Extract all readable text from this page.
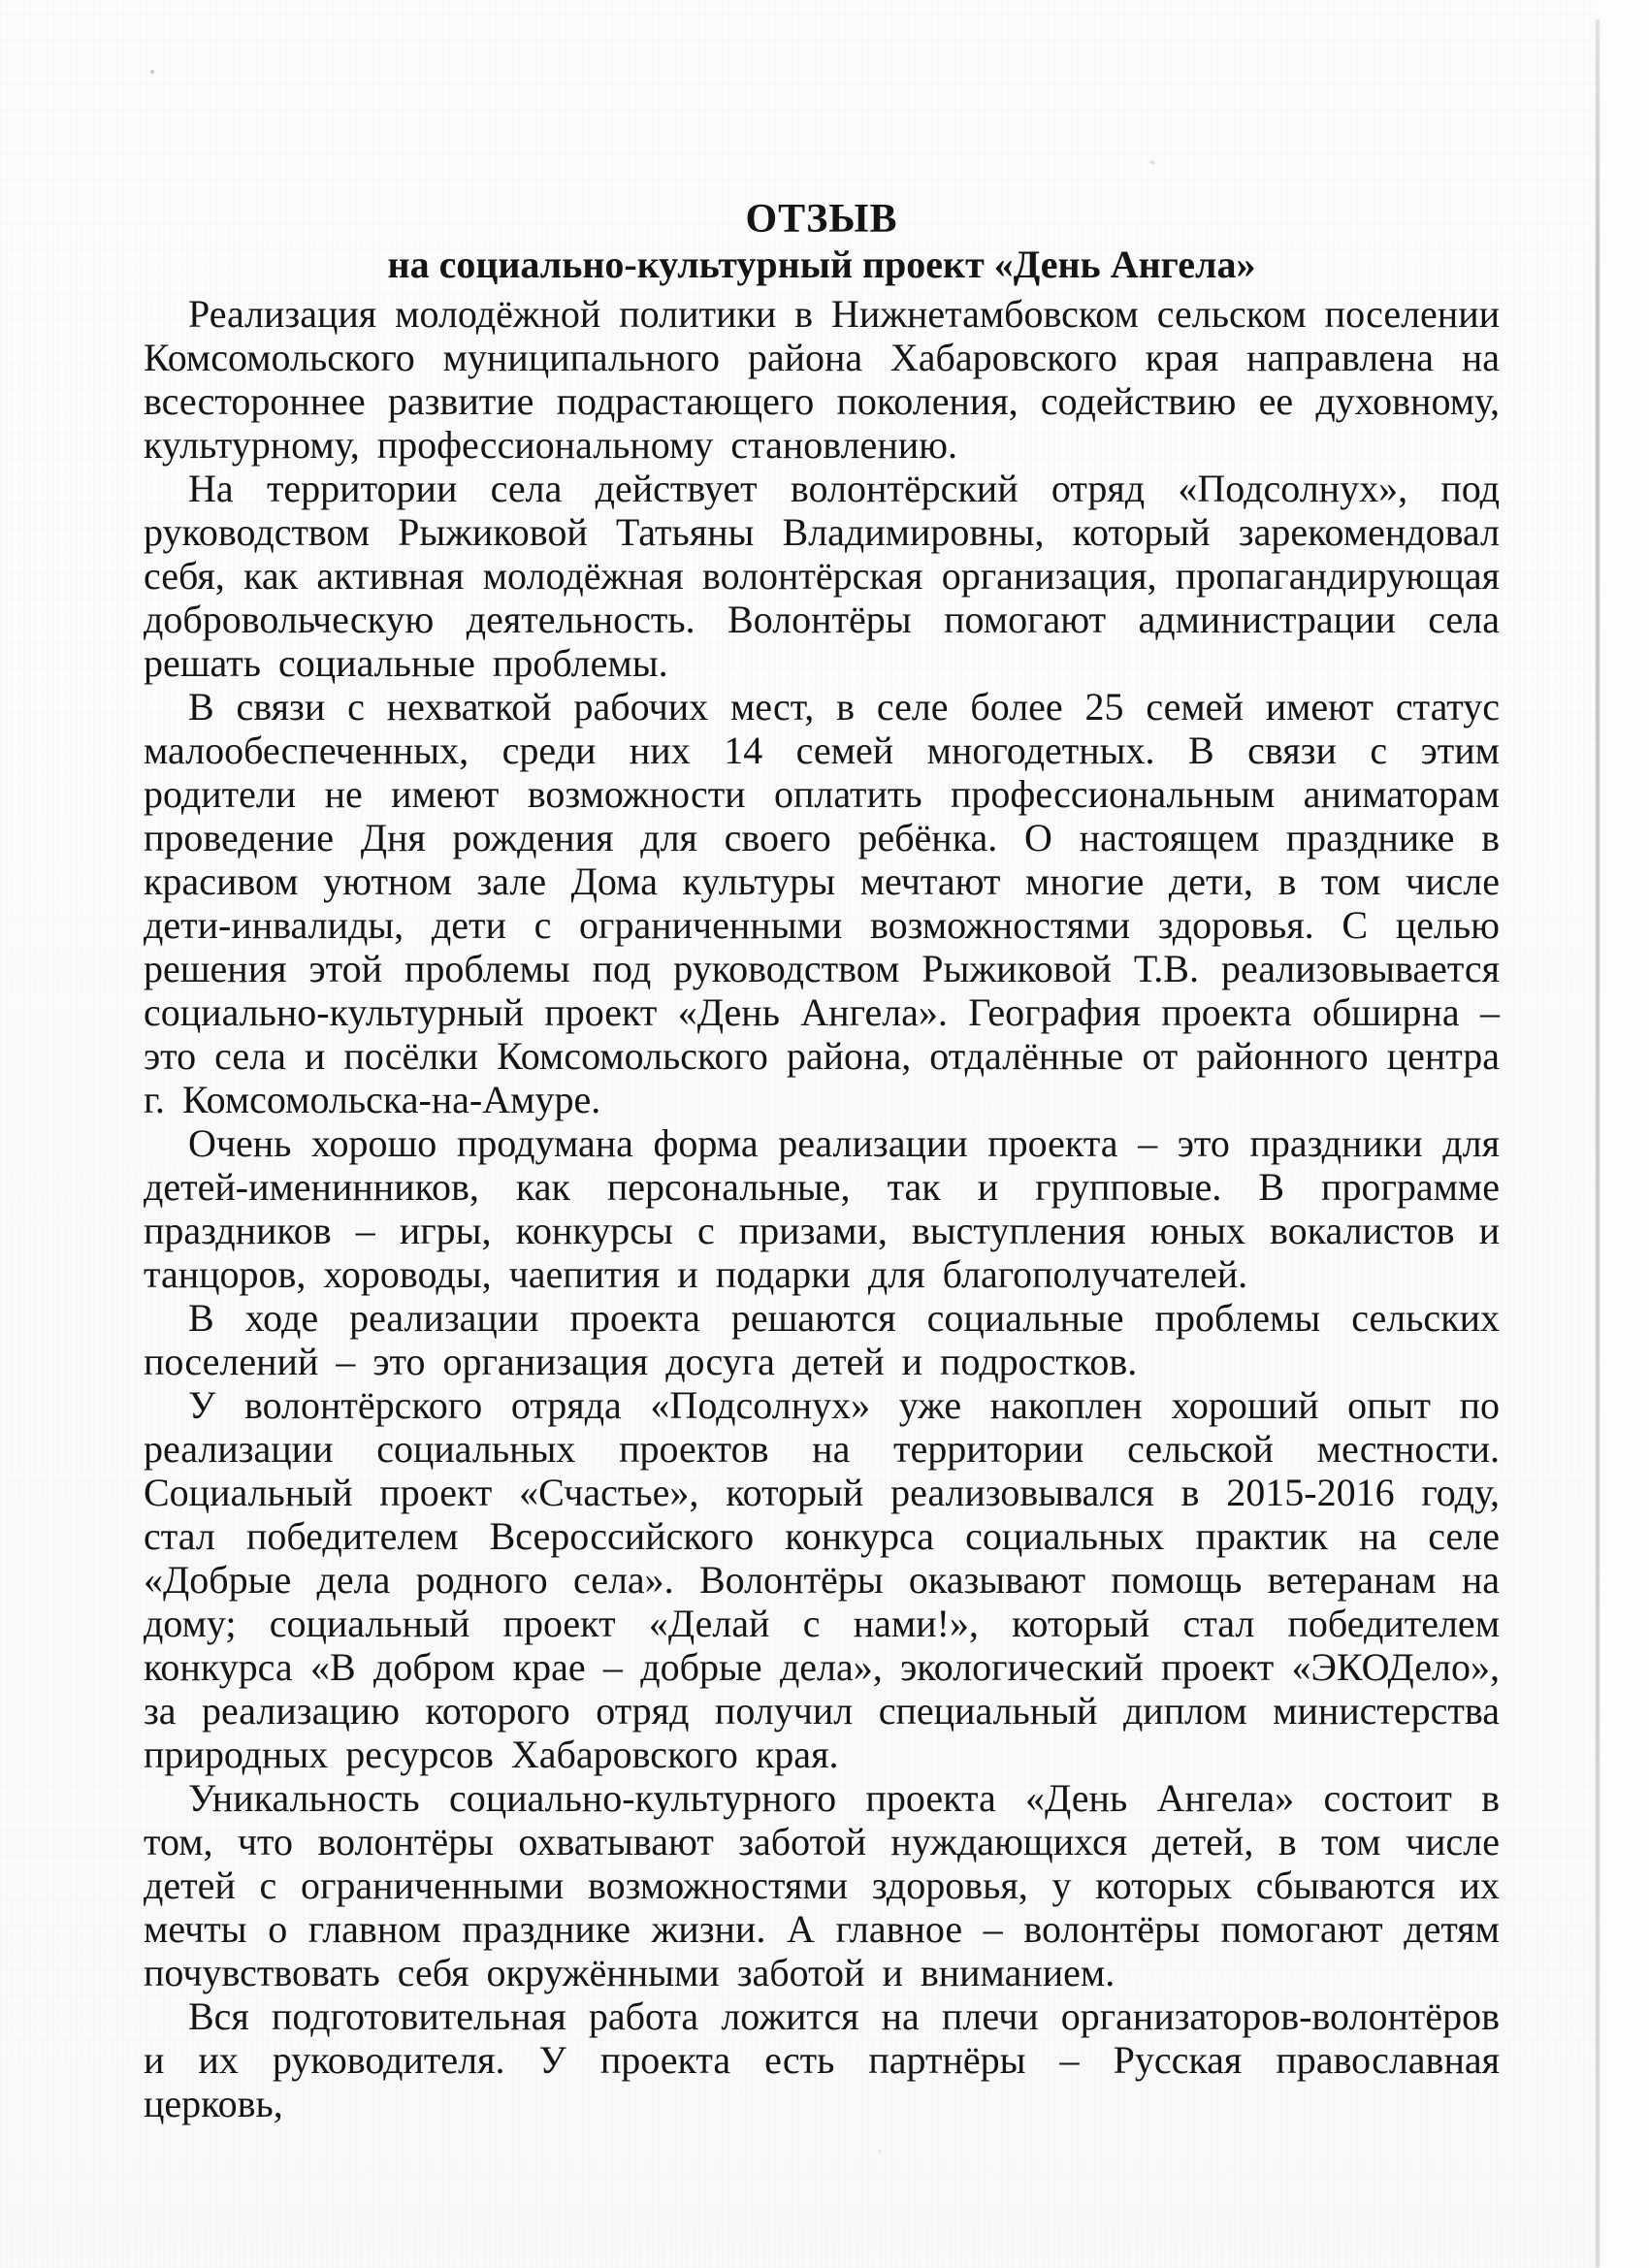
ОТЗЫВ
на социально-культурный проект «День Ангела»

Реализация молодёжной политики в Нижнетамбовском сельском поселении Комсомольского муниципального района Хабаровского края направлена на всестороннее развитие подрастающего поколения, содействию ее духовному, культурному, профессиональному становлению.

На территории села действует волонтёрский отряд «Подсолнух», под руководством Рыжиковой Татьяны Владимировны, который зарекомендовал себя, как активная молодёжная волонтёрская организация, пропагандирующая добровольческую деятельность. Волонтёры помогают администрации села решать социальные проблемы.

В связи с нехваткой рабочих мест, в селе более 25 семей имеют статус малообеспеченных, среди них 14 семей многодетных. В связи с этим родители не имеют возможности оплатить профессиональным аниматорам проведение Дня рождения для своего ребёнка. О настоящем празднике в красивом уютном зале Дома культуры мечтают многие дети, в том числе дети-инвалиды, дети с ограниченными возможностями здоровья. С целью решения этой проблемы под руководством Рыжиковой Т.В. реализовывается социально-культурный проект «День Ангела». География проекта обширна – это села и посёлки Комсомольского района, отдалённые от районного центра г. Комсомольска-на-Амуре.

Очень хорошо продумана форма реализации проекта – это праздники для детей-именинников, как персональные, так и групповые. В программе праздников – игры, конкурсы с призами, выступления юных вокалистов и танцоров, хороводы, чаепития и подарки для благополучателей.

В ходе реализации проекта решаются социальные проблемы сельских поселений – это организация досуга детей и подростков.

У волонтёрского отряда «Подсолнух» уже накоплен хороший опыт по реализации социальных проектов на территории сельской местности. Социальный проект «Счастье», который реализовывался в 2015-2016 году, стал победителем Всероссийского конкурса социальных практик на селе «Добрые дела родного села». Волонтёры оказывают помощь ветеранам на дому; социальный проект «Делай с нами!», который стал победителем конкурса «В добром крае – добрые дела», экологический проект «ЭКОДело», за реализацию которого отряд получил специальный диплом министерства природных ресурсов Хабаровского края.

Уникальность социально-культурного проекта «День Ангела» состоит в том, что волонтёры охватывают заботой нуждающихся детей, в том числе детей с ограниченными возможностями здоровья, у которых сбываются их мечты о главном празднике жизни. А главное – волонтёры помогают детям почувствовать себя окружёнными заботой и вниманием.

Вся подготовительная работа ложится на плечи организаторов-волонтёров и их руководителя. У проекта есть партнёры – Русская православная церковь,
